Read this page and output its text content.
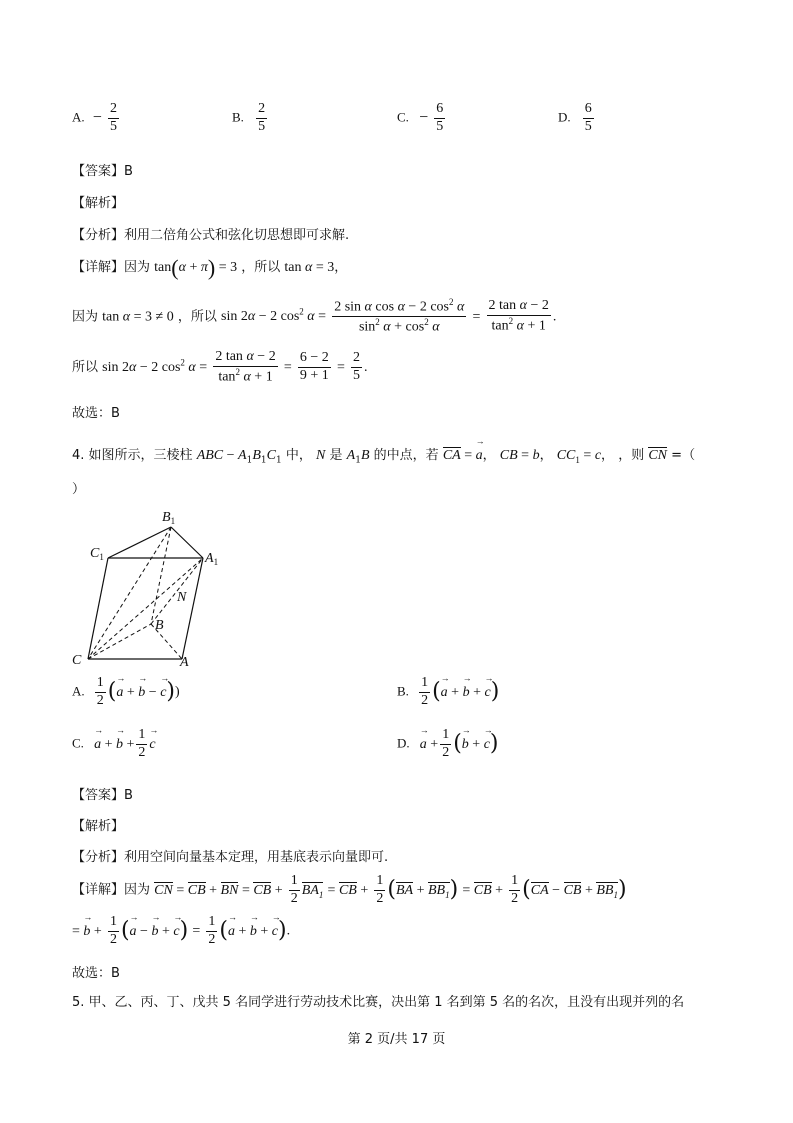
A. − $\frac{2}{5}$	B. $\frac{2}{5}$	C. − $\frac{6}{5}$	D. $\frac{6}{5}$
【答案】B
【解析】
【分析】利用二倍角公式和弦化切思想即可求解.
【详解】因为 tan(α + π) = 3 ，所以 tan α = 3，
因为 tan α = 3 ≠ 0 ，所以 sin 2α − 2 $\cos^2 \alpha = \frac{2 \sin \alpha \cos \alpha - 2 \cos^2 \alpha}{\sin^2 \alpha + \cos^2 \alpha} = \frac{\text{2 tan α − 2}}{\tan^2 \alpha + 1}$ .
所以 sin 2α − 2 $\cos^2 \alpha = \frac{\text{2 tan α − 2}}{\tan^2 \alpha + 1} = \frac{6 - 2}{9 + 1} = \frac{2}{5}$ .
故选：B
4. 如图所示，三棱柱 ABC − $A_1B_1C_1$ 中， N 是 $A_1B$ 的中点，若 CA = a →， CB = b， $CC_1 = c$， ，则 CN =（
）
$B_1$
$C_1$	$A_1$
N
B
C	A
A. $\frac{1}{2} (a$ → + b → − c →))	B. $\frac{1}{2} (a$ → + b → + c →)
C. a → + b → + $\frac{1}{2}$ c →	D. a → + $\frac{1}{2} (b$ → + c →)
【答案】B
【解析】
【分析】利用空间向量基本定理，用基底表示向量即可.
【详解】因为 CN = CB + BN = CB + $\frac{1}{2} BA_1$ = CB + $\frac{1}{2} (BA + BB_1)$ = CB + $\frac{1}{2} (CA$ − CB + $BB_1$)
= b → + $\frac{1}{2} (a$ → − b → + c →) = $\frac{1}{2} (a$ → + b → + c →).
故选：B
5. 甲、乙、丙、丁、戊共 5 名同学进行劳动技术比赛，决出第 1 名到第 5 名的名次，且没有出现并列的名
第 2 页/共 17 页
